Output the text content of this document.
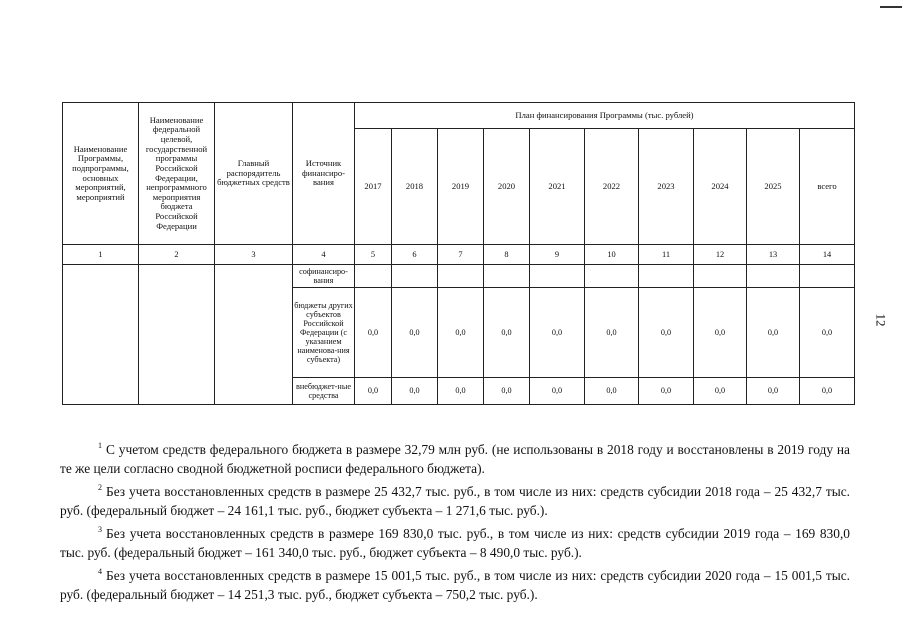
12
Наименование Программы, подпрограммы, основных мероприятий, мероприятий	Наименование федеральной целевой, государственной программы Российской Федерации, непрограммного мероприятия бюджета Российской Федерации	Главный распорядитель бюджетных средств	Источник финансиро-вания	План финансирования Программы (тыс. рублей)									
				2017	2018	2019	2020	2021	2022	2023	2024	2025	всего
1	2	3	4	5	6	7	8	9	10	11	12	13	14
			софинансиро-вания										
			бюджеты других субъектов Российской Федерации (с указанием наименова-ния субъекта)	0,0	0,0	0,0	0,0	0,0	0,0	0,0	0,0	0,0	0,0
			внебюджет-ные средства	0,0	0,0	0,0	0,0	0,0	0,0	0,0	0,0	0,0	0,0

$^1$ С учетом средств федерального бюджета в размере 32,79 млн руб. (не использованы в 2018 году и восстановлены в 2019 году на те же цели согласно сводной бюджетной росписи федерального бюджета).

$^2$ Без учета восстановленных средств в размере 25 432,7 тыс. руб., в том числе из них: средств субсидии 2018 года – 25 432,7 тыс. руб. (федеральный бюджет – 24 161,1 тыс. руб., бюджет субъекта – 1 271,6 тыс. руб.).

$^3$ Без учета восстановленных средств в размере 169 830,0 тыс. руб., в том числе из них: средств субсидии 2019 года – 169 830,0 тыс. руб. (федеральный бюджет – 161 340,0 тыс. руб., бюджет субъекта – 8 490,0 тыс. руб.).

$^4$ Без учета восстановленных средств в размере 15 001,5 тыс. руб., в том числе из них: средств субсидии 2020 года – 15 001,5 тыс. руб. (федеральный бюджет – 14 251,3 тыс. руб., бюджет субъекта – 750,2 тыс. руб.).
